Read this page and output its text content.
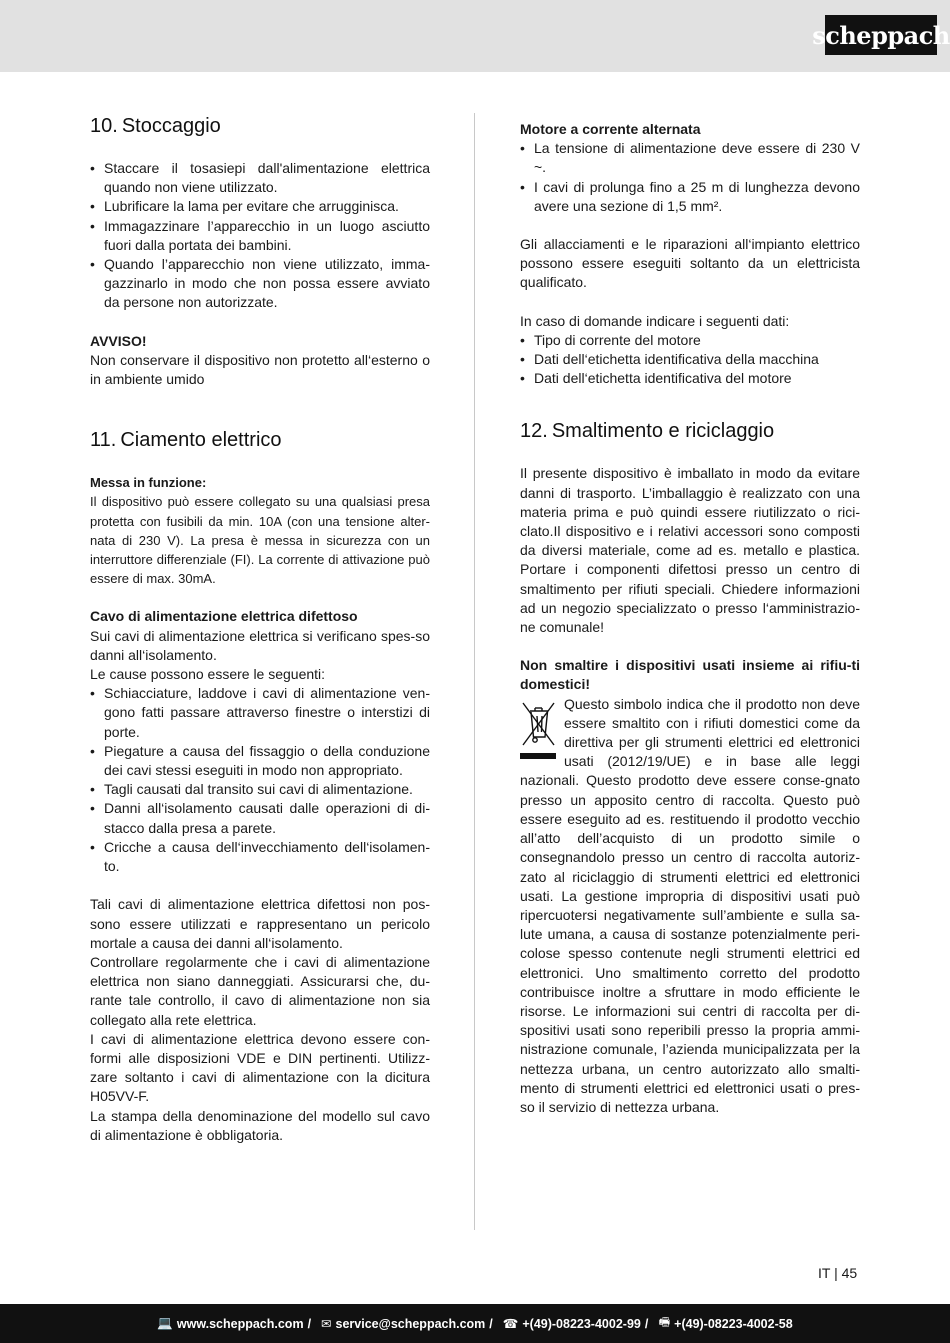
scheppach
10. Stoccaggio
• Staccare il tosasiepi dall'alimentazione elettrica quando non viene utilizzato.
• Lubrificare la lama per evitare che arrugginisca.
• Immagazzinare l’apparecchio in un luogo asciutto fuori dalla portata dei bambini.
• Quando l’apparecchio non viene utilizzato, imma-gazzinarlo in modo che non possa essere avviato da persone non autorizzate.

AVVISO!

Non conservare il dispositivo non protetto all‘esterno o in ambiente umido

11. Ciamento elettrico

Messa in funzione:

Il dispositivo può essere collegato su una qualsiasi presa protetta con fusibili da min. 10A (con una tensione alter-nata di 230 V). La presa è messa in sicurezza con un interruttore differenziale (FI). La corrente di attivazione può essere di max. 30mA.

Cavo di alimentazione elettrica difettoso

Sui cavi di alimentazione elettrica si verificano spes-so danni all‘isolamento.

Le cause possono essere le seguenti:

• Schiacciature, laddove i cavi di alimentazione ven-gono fatti passare attraverso finestre o interstizi di porte.
• Piegature a causa del fissaggio o della conduzione dei cavi stessi eseguiti in modo non appropriato.
• Tagli causati dal transito sui cavi di alimentazione.
• Danni all‘isolamento causati dalle operazioni di di-stacco dalla presa a parete.
• Cricche a causa dell‘invecchiamento dell‘isolamen-to.

Tali cavi di alimentazione elettrica difettosi non pos-sono essere utilizzati e rappresentano un pericolo mortale a causa dei danni all‘isolamento.

Controllare regolarmente che i cavi di alimentazione elettrica non siano danneggiati. Assicurarsi che, du-rante tale controllo, il cavo di alimentazione non sia collegato alla rete elettrica.

I cavi di alimentazione elettrica devono essere con-formi alle disposizioni VDE e DIN pertinenti. Utilizz-zare soltanto i cavi di alimentazione con la dicitura H05VV-F.

La stampa della denominazione del modello sul cavo di alimentazione è obbligatoria.

Motore a corrente alternata

• La tensione di alimentazione deve essere di 230 V ~.
• I cavi di prolunga fino a 25 m di lunghezza devono avere una sezione di 1,5 mm².

Gli allacciamenti e le riparazioni all‘impianto elettrico possono essere eseguiti soltanto da un elettricista qualificato.

In caso di domande indicare i seguenti dati:

• Tipo di corrente del motore
• Dati dell‘etichetta identificativa della macchina
• Dati dell‘etichetta identificativa del motore
12. Smaltimento e riciclaggio

Il presente dispositivo è imballato in modo da evitare danni di trasporto. L’imballaggio è realizzato con una materia prima e può quindi essere riutilizzato o rici-clato.Il dispositivo e i relativi accessori sono composti da diversi materiale, come ad es. metallo e plastica. Portare i componenti difettosi presso un centro di smaltimento per rifiuti speciali. Chiedere informazioni ad un negozio specializzato o presso l‘amministrazio-ne comunale!

Non smaltire i dispositivi usati insieme ai rifiu-ti domestici!

Questo simbolo indica che il prodotto non deve essere smaltito con i rifiuti domestici come da direttiva per gli strumenti elettrici ed elettronici usati (2012/19/UE) e in base alle leggi nazionali. Questo prodotto deve essere conse-gnato presso un apposito centro di raccolta. Questo può essere eseguito ad es. restituendo il prodotto vecchio all’atto dell’acquisto di un prodotto simile o consegnandolo presso un centro di raccolta autoriz-zato al riciclaggio di strumenti elettrici ed elettronici usati. La gestione impropria di dispositivi usati può ripercuotersi negativamente sull’ambiente e sulla sa-lute umana, a causa di sostanze potenzialmente peri-colose spesso contenute negli strumenti elettrici ed elettronici. Uno smaltimento corretto del prodotto contribuisce inoltre a sfruttare in modo efficiente le risorse. Le informazioni sui centri di raccolta per di-spositivi usati sono reperibili presso la propria ammi-nistrazione comunale, l’azienda municipalizzata per la nettezza urbana, un centro autorizzato allo smalti-mento di strumenti elettrici ed elettronici usati o pres-so il servizio di nettezza urbana.

IT | 45
💻 www.scheppach.com / ✉ service@scheppach.com / ☎ +(49)-08223-4002-99 / 🖷 +(49)-08223-4002-58
